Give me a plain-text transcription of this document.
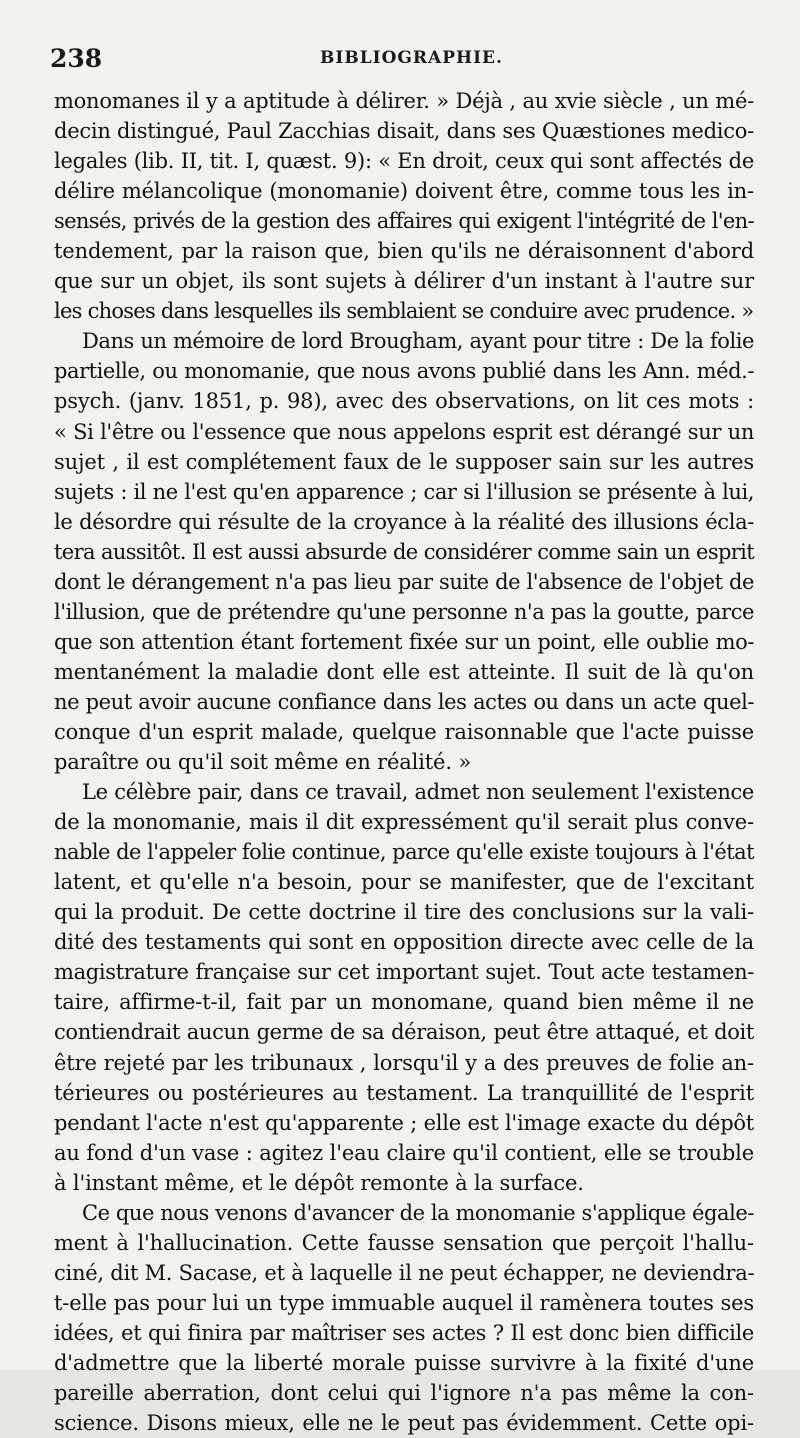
238	BIBLIOGRAPHIE.
monomanes il y a aptitude à délirer. » Déjà , au xvie siècle , un mé-
decin distingué, Paul Zacchias disait, dans ses Quæstiones medico-
legales (lib. II, tit. I, quæst. 9): « En droit, ceux qui sont affectés de
délire mélancolique (monomanie) doivent être, comme tous les in-
sensés, privés de la gestion des affaires qui exigent l'intégrité de l'en-
tendement, par la raison que, bien qu'ils ne déraisonnent d'abord
que sur un objet, ils sont sujets à délirer d'un instant à l'autre sur
les choses dans lesquelles ils semblaient se conduire avec prudence. »
Dans un mémoire de lord Brougham, ayant pour titre : De la folie
partielle, ou monomanie, que nous avons publié dans les Ann. méd.-
psych. (janv. 1851, p. 98), avec des observations, on lit ces mots :
« Si l'être ou l'essence que nous appelons esprit est dérangé sur un
sujet , il est complétement faux de le supposer sain sur les autres
sujets : il ne l'est qu'en apparence ; car si l'illusion se présente à lui,
le désordre qui résulte de la croyance à la réalité des illusions écla-
tera aussitôt. Il est aussi absurde de considérer comme sain un esprit
dont le dérangement n'a pas lieu par suite de l'absence de l'objet de
l'illusion, que de prétendre qu'une personne n'a pas la goutte, parce
que son attention étant fortement fixée sur un point, elle oublie mo-
mentanément la maladie dont elle est atteinte. Il suit de là qu'on
ne peut avoir aucune confiance dans les actes ou dans un acte quel-
conque d'un esprit malade, quelque raisonnable que l'acte puisse
paraître ou qu'il soit même en réalité. »
Le célèbre pair, dans ce travail, admet non seulement l'existence
de la monomanie, mais il dit expressément qu'il serait plus conve-
nable de l'appeler folie continue, parce qu'elle existe toujours à l'état
latent, et qu'elle n'a besoin, pour se manifester, que de l'excitant
qui la produit. De cette doctrine il tire des conclusions sur la vali-
dité des testaments qui sont en opposition directe avec celle de la
magistrature française sur cet important sujet. Tout acte testamen-
taire, affirme-t-il, fait par un monomane, quand bien même il ne
contiendrait aucun germe de sa déraison, peut être attaqué, et doit
être rejeté par les tribunaux , lorsqu'il y a des preuves de folie an-
térieures ou postérieures au testament. La tranquillité de l'esprit
pendant l'acte n'est qu'apparente ; elle est l'image exacte du dépôt
au fond d'un vase : agitez l'eau claire qu'il contient, elle se trouble
à l'instant même, et le dépôt remonte à la surface.
Ce que nous venons d'avancer de la monomanie s'applique égale-
ment à l'hallucination. Cette fausse sensation que perçoit l'hallu-
ciné, dit M. Sacase, et à laquelle il ne peut échapper, ne deviendra-
t-elle pas pour lui un type immuable auquel il ramènera toutes ses
idées, et qui finira par maîtriser ses actes ? Il est donc bien difficile
d'admettre que la liberté morale puisse survivre à la fixité d'une
pareille aberration, dont celui qui l'ignore n'a pas même la con-
science. Disons mieux, elle ne le peut pas évidemment. Cette opi-
